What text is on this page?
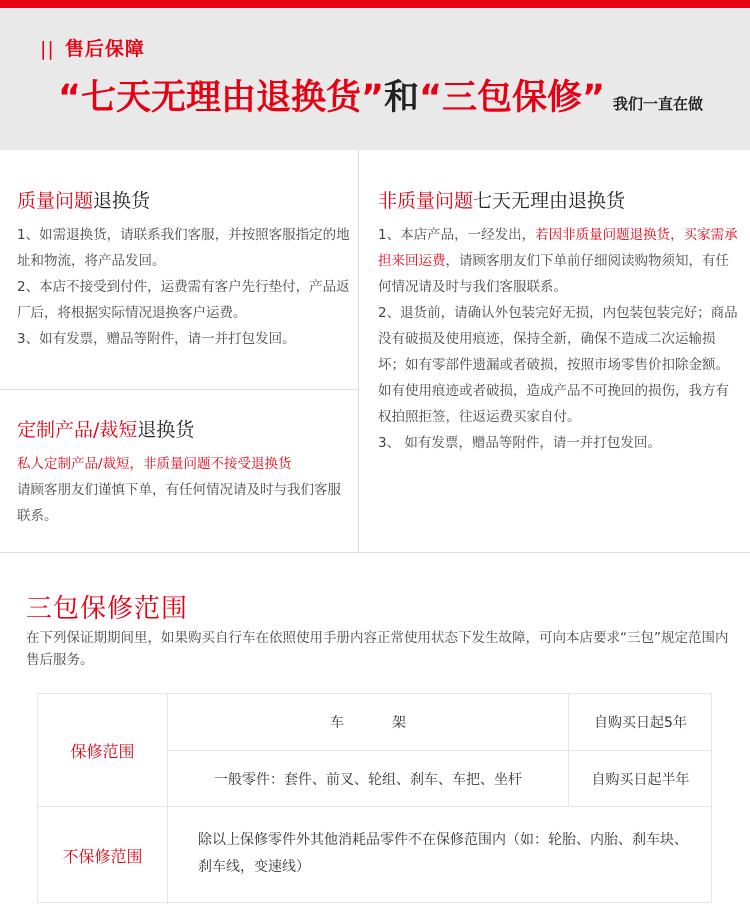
|| 售后保障
“七天无理由退换货”和“三包保修” 我们一直在做
质量问题退换货

1、如需退换货，请联系我们客服，并按照客服指定的地址和物流，将产品发回。

2、本店不接受到付件，运费需有客户先行垫付，产品返厂后，将根据实际情况退换客户运费。

3、如有发票，赠品等附件，请一并打包发回。

非质量问题七天无理由退换货

1、本店产品，一经发出，若因非质量问题退换货，买家需承担来回运费，请顾客朋友们下单前仔细阅读购物须知，有任何情况请及时与我们客服联系。

2、退货前，请确认外包装完好无损，内包装包装完好；商品没有破损及使用痕迹，保持全新，确保不造成二次运输损坏；如有零部件遗漏或者破损，按照市场零售价扣除金额。如有使用痕迹或者破损，造成产品不可挽回的损伤，我方有权拍照拒签，往返运费买家自付。

3、 如有发票，赠品等附件，请一并打包发回。

定制产品/裁短退换货

私人定制产品/裁短，非质量问题不接受退换货
请顾客朋友们谨慎下单，有任何情况请及时与我们客服联系。

三包保修范围
在下列保证期期间里，如果购买自行车在依照使用手册内容正常使用状态下发生故障，可向本店要求“三包”规定范围内售后服务。
保修范围
车	架	自购买日起5年
一般零件：套件、前叉、轮组、刹车、车把、坐杆	自购买日起半年
不保修范围
除以上保修零件外其他消耗品零件不在保修范围内（如：轮胎、内胎、刹车块、刹车线，变速线）
